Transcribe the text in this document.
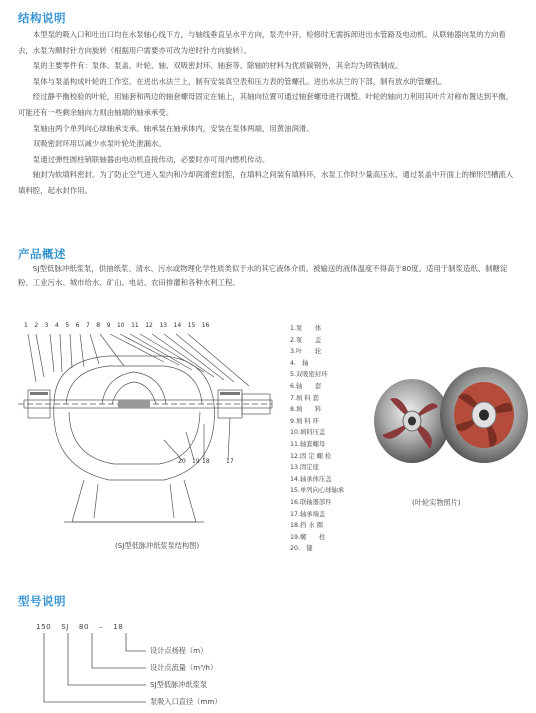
结构说明

本型泵的吸入口和吐出口均在水泵轴心线下方，与轴线垂直呈水平方向，泵壳中开，检修时无需拆卸进出水管路及电动机。从联轴器向泵的方向看去，水泵为顺时针方向旋转（根据用户需要亦可改为逆时针方向旋转）。

泵的主要零件有：泵体、泵盖、叶轮、轴、双吸密封环、轴套等。除轴的材料为优质碳钢外，其余均为铸铁制成。

泵体与泵盖构成叶轮的工作室。在进出水法兰上，制有安装真空表和压力表的管螺孔。进出水法兰的下部，制有放水的管螺孔。

经过静平衡校验的叶轮，用轴套和两边的轴套螺母固定在轴上，其轴向位置可通过轴套螺母进行调整。叶轮的轴向力利用其叶片对称布置达到平衡，可能还有一些剩余轴向力则由轴端的轴承承受。

泵轴由两个单列向心球轴承支承。轴承装在轴承体内，安装在泵体两端，用黄油润滑。

双吸密封环用以减少水泵叶轮处泄漏水。

泵通过弹性圆柱销联轴器由电动机直接传动，必要时亦可用内燃机传动。

轴封为软填料密封。为了防止空气进入泵内和冷却润滑密封腔，在填料之间装有填料环，水泵工作时少量高压水，通过泵盖中开面上的梯形凹槽流入填料腔，起水封作用。

产品概述

SJ型低脉冲纸浆泵，供抽纸浆、清水、污水或物理化学性质类似于水的其它液体介质。被输送的液体温度不得高于80度。适用于制浆造纸、制糖淀粉、工业污水、城市给水、矿山、电站、农田排灌和各种水利工程。

1 2 3 4 5 6 7 8 9 10 11 12 13 14 15 16
20 19 18	17
(SJ型低脉冲纸浆泵结构图)
1.泵　　体
2.泵　　盖
3.叶　　轮
4.　轴
5.双吸密封环
6.轴　　套
7.填 料 套
8.填　　料
9.填 料 环
10.填料压盖
11.轴套螺母
12.固 定 螺 栓
13.固定座
14.轴承体压盖
15.单列向心球轴承
16.联轴器部件
17.轴承端盖
18.挡 水 圈
19.螺　　柱
20.　键
(叶轮实物照片)
型号说明
150 SJ 80 – 18
设计点扬程（m）
设计点流量（m³/h）
SJ型低脉冲纸浆泵
泵吸入口直径（mm）
